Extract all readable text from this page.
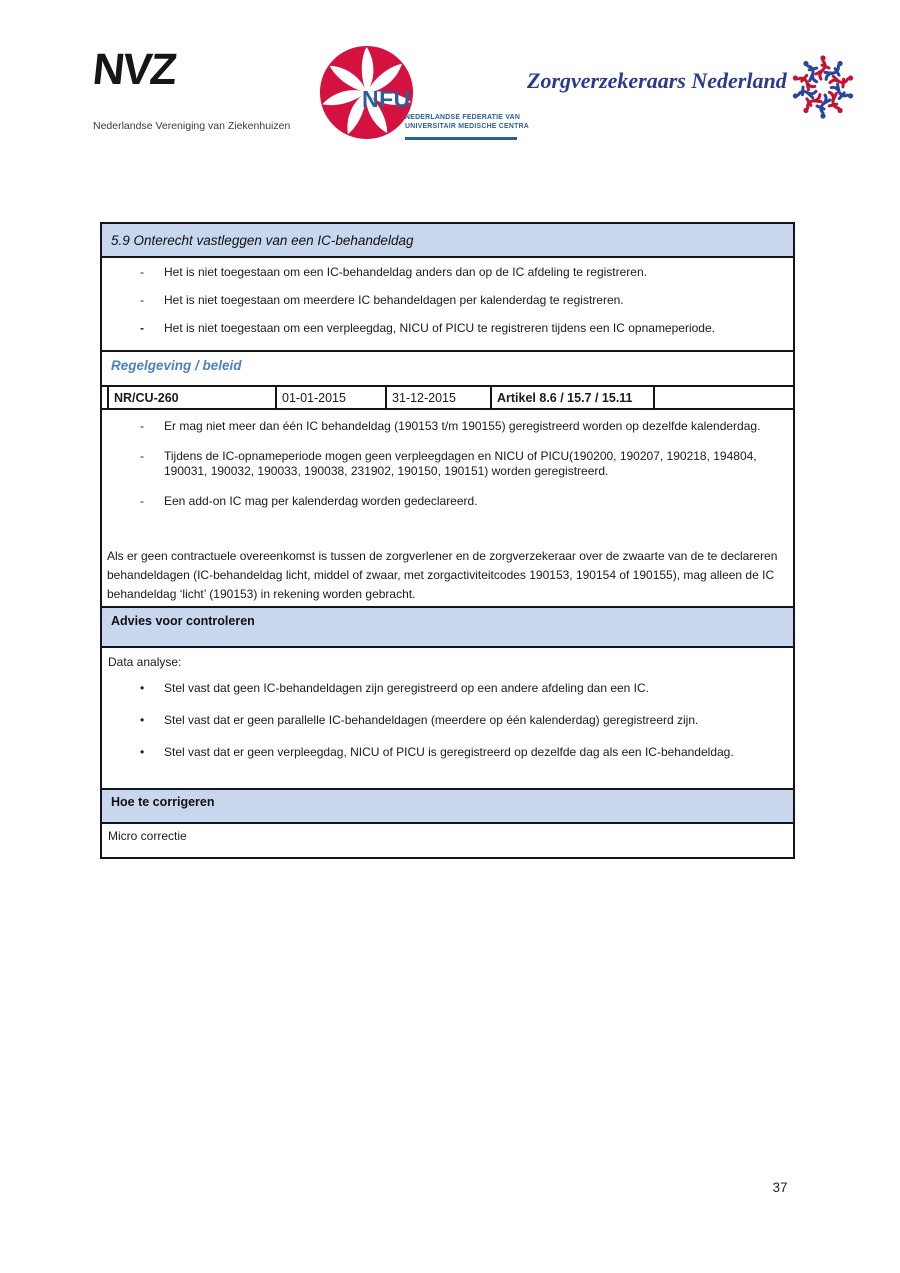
NVZ
Nederlandse Vereniging van Ziekenhuizen
NFU
NEDERLANDSE FEDERATIE VAN
UNIVERSITAIR MEDISCHE CENTRA
Zorgverzekeraars Nederland
5.9 Onterecht vastleggen van een IC-behandeldag
-	Het is niet toegestaan om een IC-behandeldag anders dan op de IC afdeling te registreren.
-	Het is niet toegestaan om meerdere IC behandeldagen per kalenderdag te registreren.
-	Het is niet toegestaan om een verpleegdag, NICU of PICU te registreren tijdens een IC opnameperiode.
Regelgeving / beleid
NR/CU-260	01-01-2015	31-12-2015	Artikel 8.6 / 15.7 / 15.11
-	Er mag niet meer dan één IC behandeldag (190153 t/m 190155) geregistreerd worden op dezelfde kalenderdag.
-	Tijdens de IC-opnameperiode mogen geen verpleegdagen en NICU of PICU(190200, 190207, 190218, 194804, 190031, 190032, 190033, 190038, 231902, 190150, 190151) worden geregistreerd.
-	Een add-on IC mag per kalenderdag worden gedeclareerd.
Als er geen contractuele overeenkomst is tussen de zorgverlener en de zorgverzekeraar over de zwaarte van de te declareren behandeldagen (IC-behandeldag licht, middel of zwaar, met zorgactiviteitcodes 190153, 190154 of 190155), mag alleen de IC behandeldag ‘licht’ (190153) in rekening worden gebracht.
Advies voor controleren
Data analyse:
•	Stel vast dat geen IC-behandeldagen zijn geregistreerd op een andere afdeling dan een IC.
•	Stel vast dat er geen parallelle IC-behandeldagen (meerdere op één kalenderdag) geregistreerd zijn.
•	Stel vast dat er geen verpleegdag, NICU of PICU is geregistreerd op dezelfde dag als een IC-behandeldag.
Hoe te corrigeren
Micro correctie
37
